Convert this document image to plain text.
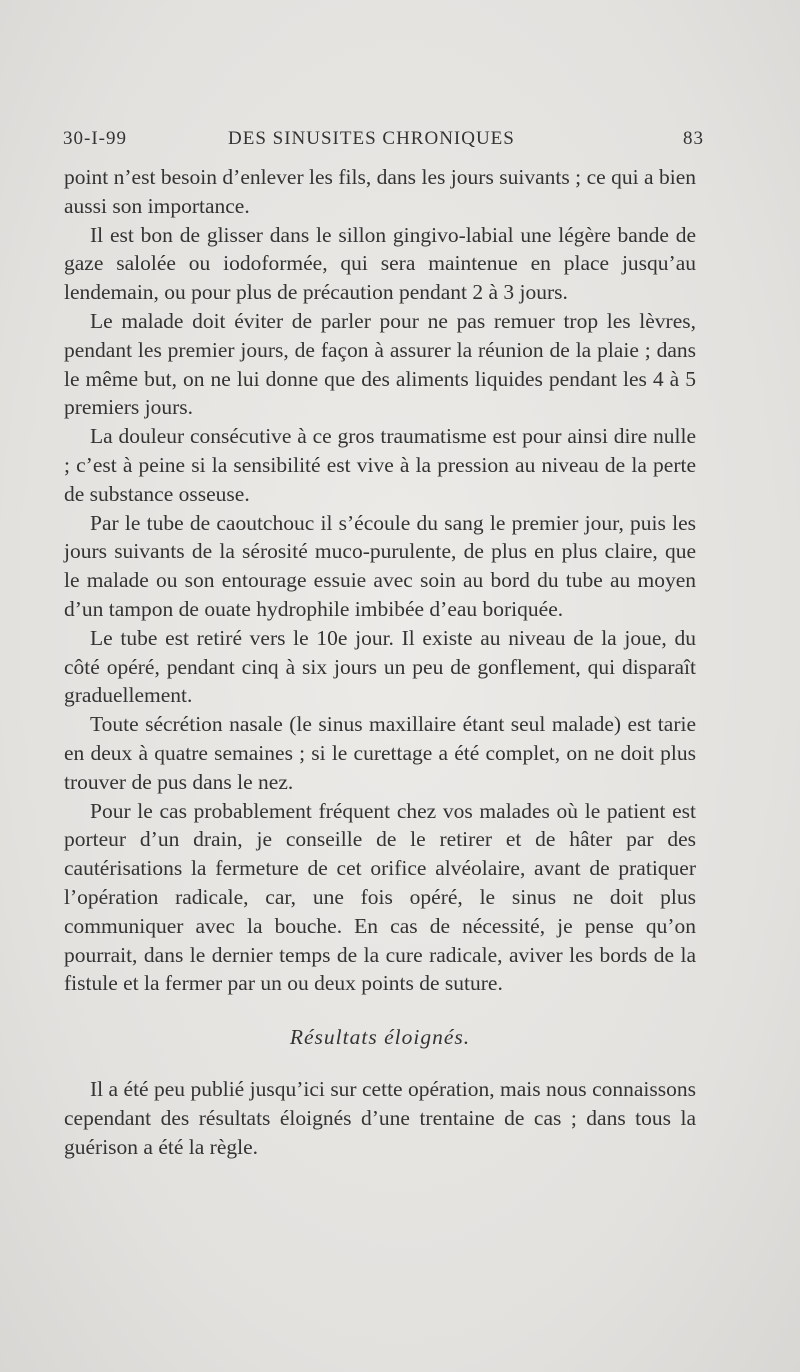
30-I-99	DES SINUSITES CHRONIQUES	83

point n’est besoin d’enlever les fils, dans les jours suivants ; ce qui a bien aussi son importance.

Il est bon de glisser dans le sillon gingivo-labial une légère bande de gaze salolée ou iodoformée, qui sera maintenue en place jusqu’au lendemain, ou pour plus de précaution pendant 2 à 3 jours.

Le malade doit éviter de parler pour ne pas remuer trop les lèvres, pendant les premier jours, de façon à assurer la réunion de la plaie ; dans le même but, on ne lui donne que des aliments liquides pendant les 4 à 5 premiers jours.

La douleur consécutive à ce gros traumatisme est pour ainsi dire nulle ; c’est à peine si la sensibilité est vive à la pression au niveau de la perte de substance osseuse.

Par le tube de caoutchouc il s’écoule du sang le premier jour, puis les jours suivants de la sérosité muco-purulente, de plus en plus claire, que le malade ou son entourage essuie avec soin au bord du tube au moyen d’un tampon de ouate hydrophile imbibée d’eau boriquée.

Le tube est retiré vers le 10e jour. Il existe au niveau de la joue, du côté opéré, pendant cinq à six jours un peu de gonflement, qui disparaît graduellement.

Toute sécrétion nasale (le sinus maxillaire étant seul malade) est tarie en deux à quatre semaines ; si le curettage a été complet, on ne doit plus trouver de pus dans le nez.

Pour le cas probablement fréquent chez vos malades où le patient est porteur d’un drain, je conseille de le retirer et de hâter par des cautérisations la fermeture de cet orifice alvéolaire, avant de pratiquer l’opération radicale, car, une fois opéré, le sinus ne doit plus communiquer avec la bouche. En cas de nécessité, je pense qu’on pourrait, dans le dernier temps de la cure radicale, aviver les bords de la fistule et la fermer par un ou deux points de suture.

Résultats éloignés.

Il a été peu publié jusqu’ici sur cette opération, mais nous connaissons cependant des résultats éloignés d’une trentaine de cas ; dans tous la guérison a été la règle.
